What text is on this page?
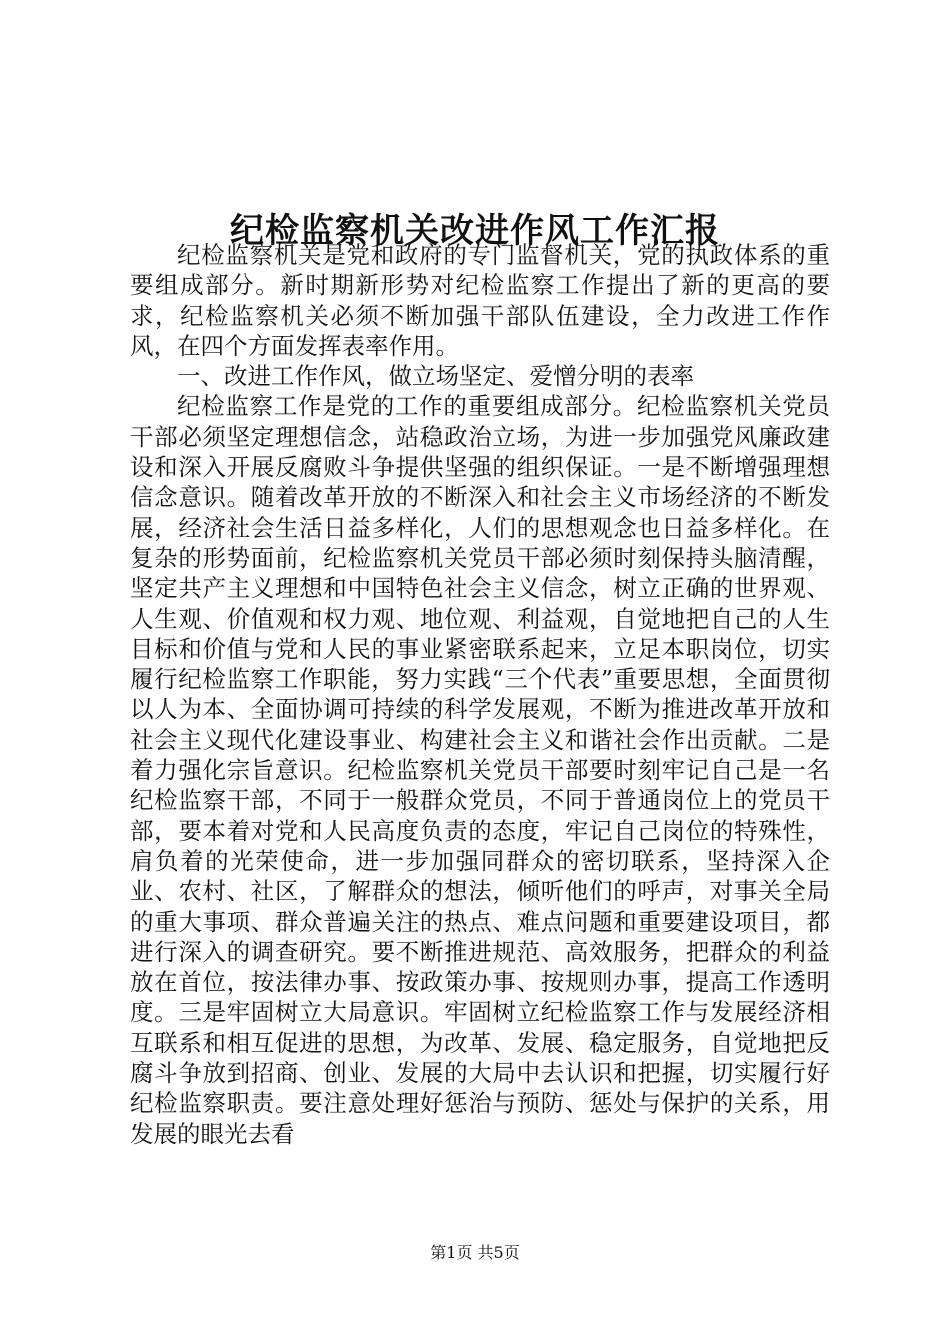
纪检监察机关改进作风工作汇报

纪检监察机关是党和政府的专门监督机关，党的执政体系的重要组成部分。新时期新形势对纪检监察工作提出了新的更高的要求，纪检监察机关必须不断加强干部队伍建设，全力改进工作作风，在四个方面发挥表率作用。

一、改进工作作风，做立场坚定、爱憎分明的表率

纪检监察工作是党的工作的重要组成部分。纪检监察机关党员干部必须坚定理想信念，站稳政治立场，为进一步加强党风廉政建设和深入开展反腐败斗争提供坚强的组织保证。一是不断增强理想信念意识。随着改革开放的不断深入和社会主义市场经济的不断发展，经济社会生活日益多样化，人们的思想观念也日益多样化。在复杂的形势面前，纪检监察机关党员干部必须时刻保持头脑清醒，坚定共产主义理想和中国特色社会主义信念，树立正确的世界观、人生观、价值观和权力观、地位观、利益观，自觉地把自己的人生目标和价值与党和人民的事业紧密联系起来，立足本职岗位，切实履行纪检监察工作职能，努力实践“三个代表”重要思想，全面贯彻以人为本、全面协调可持续的科学发展观，不断为推进改革开放和社会主义现代化建设事业、构建社会主义和谐社会作出贡献。二是着力强化宗旨意识。纪检监察机关党员干部要时刻牢记自己是一名纪检监察干部，不同于一般群众党员，不同于普通岗位上的党员干部，要本着对党和人民高度负责的态度，牢记自己岗位的特殊性，肩负着的光荣使命，进一步加强同群众的密切联系，坚持深入企业、农村、社区，了解群众的想法，倾听他们的呼声，对事关全局的重大事项、群众普遍关注的热点、难点问题和重要建设项目，都进行深入的调查研究。要不断推进规范、高效服务，把群众的利益放在首位，按法律办事、按政策办事、按规则办事，提高工作透明度。三是牢固树立大局意识。牢固树立纪检监察工作与发展经济相互联系和相互促进的思想，为改革、发展、稳定服务，自觉地把反腐斗争放到招商、创业、发展的大局中去认识和把握，切实履行好纪检监察职责。要注意处理好惩治与预防、惩处与保护的关系，用发展的眼光去看

第1页 共5页
